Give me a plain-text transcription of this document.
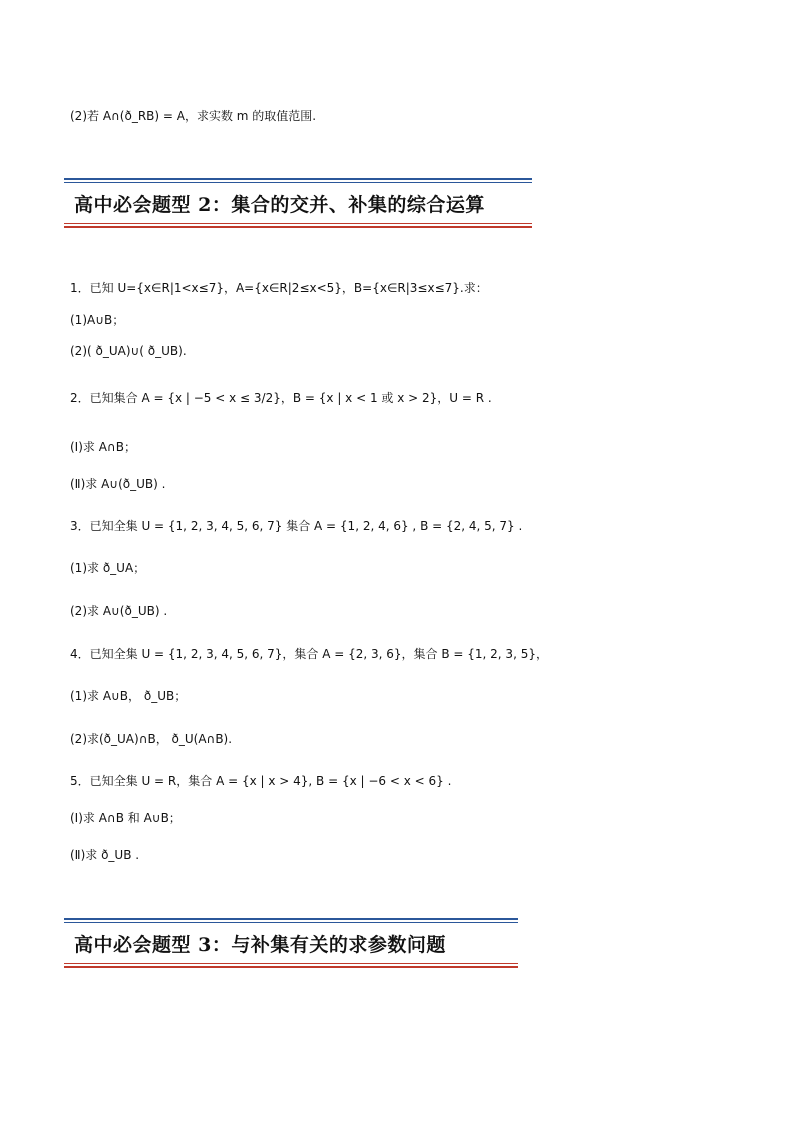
(2)若 A∩(ð_RB) = A，求实数 m 的取值范围.
高中必会题型 2：集合的交并、补集的综合运算
1．已知 U={x∈R|1<x≤7}，A={x∈R|2≤x<5}，B={x∈R|3≤x≤7}.求：
(1)A∪B；
(2)( ð_UA)∪( ð_UB).
2．已知集合 A = {x | −5 < x ≤ 3/2}，B = {x | x < 1 或 x > 2}，U = R .
(Ⅰ)求 A∩B；
(Ⅱ)求 A∪(ð_UB) .
3．已知全集 U = {1, 2, 3, 4, 5, 6, 7} 集合 A = {1, 2, 4, 6} , B = {2, 4, 5, 7} .
(1)求 ð_UA；
(2)求 A∪(ð_UB) .
4．已知全集 U = {1, 2, 3, 4, 5, 6, 7}，集合 A = {2, 3, 6}，集合 B = {1, 2, 3, 5}，
(1)求 A∪B， ð_UB；
(2)求(ð_UA)∩B， ð_U(A∩B).
5．已知全集 U = R，集合 A = {x | x > 4}, B = {x | −6 < x < 6} .
(Ⅰ)求 A∩B 和 A∪B；
(Ⅱ)求 ð_UB .
高中必会题型 3：与补集有关的求参数问题
